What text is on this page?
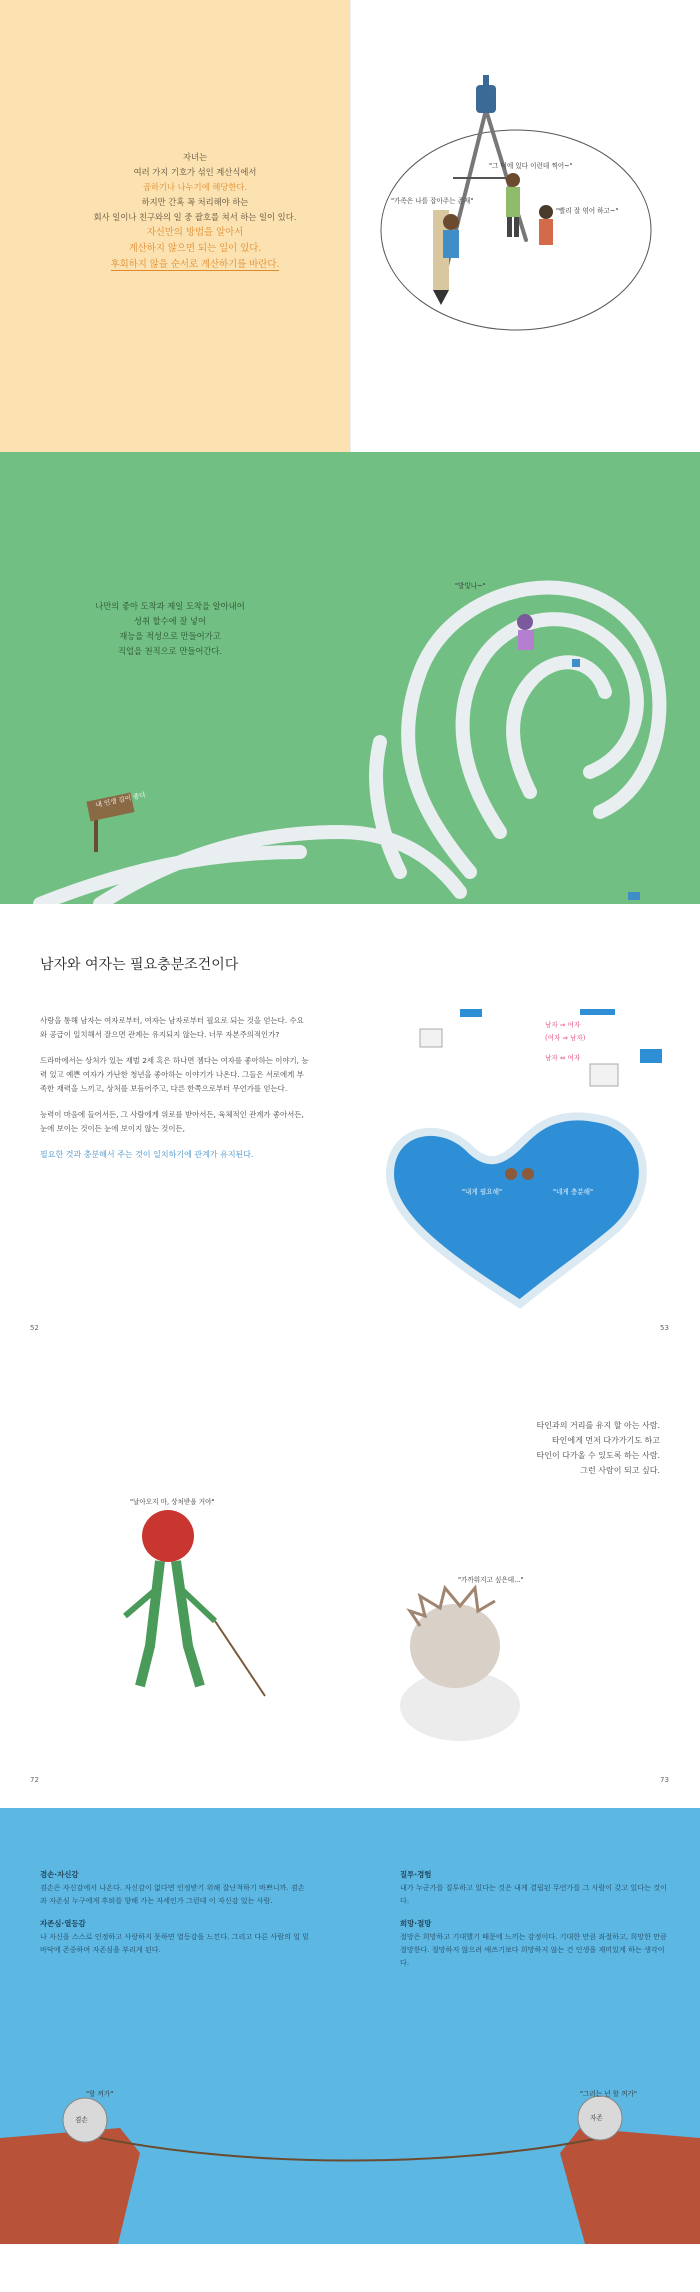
자녀는
여러 가지 기호가 섞인 계산식에서
곱하기나 나누기에 해당한다.
하지만 간혹 꼭 처리해야 하는
회사 일이나 친구와의 일 중 괄호를 쳐서 하는 일이 있다.
자신만의 방법을 알아서
계산하지 않으면 되는 일이 있다.
후회하지 않을 순서로 계산하기를 바란다.
"가족은 나를 잡아주는 존재"
"그 덕에 있다 이런데 찍어~"
"빨리 잘 엮어 하고~"
나만의 좋아 도착과 제일 도착을 알아내어
성취 할수에 잘 넣어
재능을 적성으로 만들어가고
직업을 천직으로 만들어간다.
"발빛나~"
내 인생 길이 좋다
남자와 여자는 필요충분조건이다

사랑을 통해 남자는 여자로부터, 여자는 남자로부터 필요로 되는 것을 얻는다. 수요와 공급이 일치해서 잘으면 관계는 유지되지 않는다. 너무 자본주의적인가?

드라마에서는 상처가 있는 재벌 2세 혹은 하나면 젬다는 여자를 좋아하는 이야기, 능력 있고 예쁜 여자가 가난한 청년을 좋아하는 이야기가 나온다. 그들은 서로에게 부족한 재력을 느끼고, 상처를 보듬어주고, 다른 한쪽으로부터 무언가를 얻는다.

능력이 마음에 들어서든, 그 사람에게 위로를 받아서든, 육체적인 관계가 좋아서든, 눈에 보이는 것이든 눈에 보이지 않는 것이든,

필요한 것과 충분해서 주는 것이 일치하기에 관계가 유지된다.

남자 ⇒ 여자
(여자 ⇒ 남자)
남자 ⇔ 여자
"내게 필요해"	"네게 충분해"
52	53
타인과의 거리를 유지 할 아는 사람.
타인에게 먼저 다가가기도 하고
타인이 다가올 수 있도록 하는 사람.
그런 사람이 되고 싶다.
"날아오지 마, 상처받을 거야"
"가까워지고 싶은데..."
72	73
겸손·자신감

겸손은 자신감에서 나온다. 자신감이 없다면 인정받기 위해 잘난척하기 바쁘니까. 겸손과 자존심 누구에게 후퇴를 향해 가는 자세인가 그런데 이 자신감 있는 사람.

자존심·열등감

나 자신을 스스로 인정하고 사랑하지 못하면 열등감을 느낀다. 그리고 다른 사람의 일 밑바닥에 존중하며 자존심을 부리게 된다.

질투·경험

내가 누군가를 질투하고 있다는 것은 내게 결핍된 무언가를 그 사람이 갖고 있다는 것이다.

희망·절망

절망은 희망하고 기대했기 때문에 느끼는 감정이다. 기대한 만큼 좌절하고, 희망한 만큼 절망한다. 절망하지 않으려 애쓰기보다 희망하지 않는 건 인생을 재미있게 하는 생각이다.

"할 꺼가"	"그러는 넌 할 꺼가"
겸손	자존
